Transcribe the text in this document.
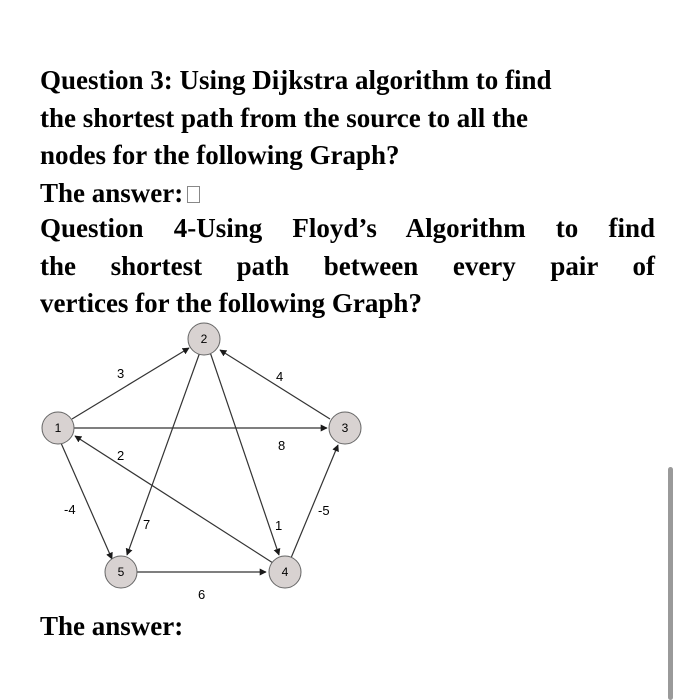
Question 3: Using Dijkstra algorithm to find
the shortest path from the source to all the
nodes for the following Graph?
The answer:
Question 4-Using Floyd’s Algorithm to find
the shortest path between every pair of
vertices for the following Graph?
3	4
8
-4
7	1
-5
2
6
1
2
3
4
5
The answer:
